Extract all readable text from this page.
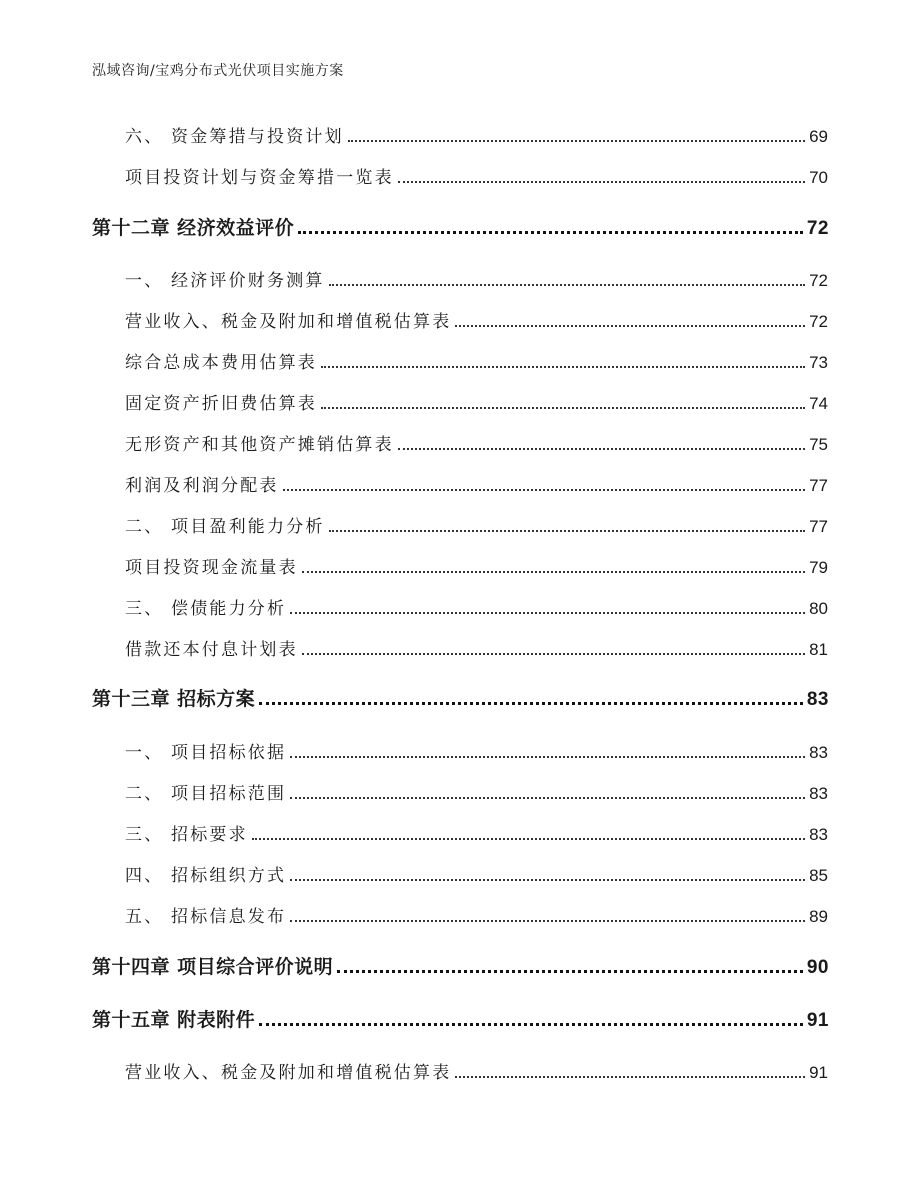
泓域咨询/宝鸡分布式光伏项目实施方案
六、 资金筹措与投资计划	69
项目投资计划与资金筹措一览表	70
第十二章 经济效益评价	72
一、 经济评价财务测算	72
营业收入、税金及附加和增值税估算表	72
综合总成本费用估算表	73
固定资产折旧费估算表	74
无形资产和其他资产摊销估算表	75
利润及利润分配表	77
二、 项目盈利能力分析	77
项目投资现金流量表	79
三、 偿债能力分析	80
借款还本付息计划表	81
第十三章 招标方案	83
一、 项目招标依据	83
二、 项目招标范围	83
三、 招标要求	83
四、 招标组织方式	85
五、 招标信息发布	89
第十四章 项目综合评价说明	90
第十五章 附表附件	91
营业收入、税金及附加和增值税估算表	91
